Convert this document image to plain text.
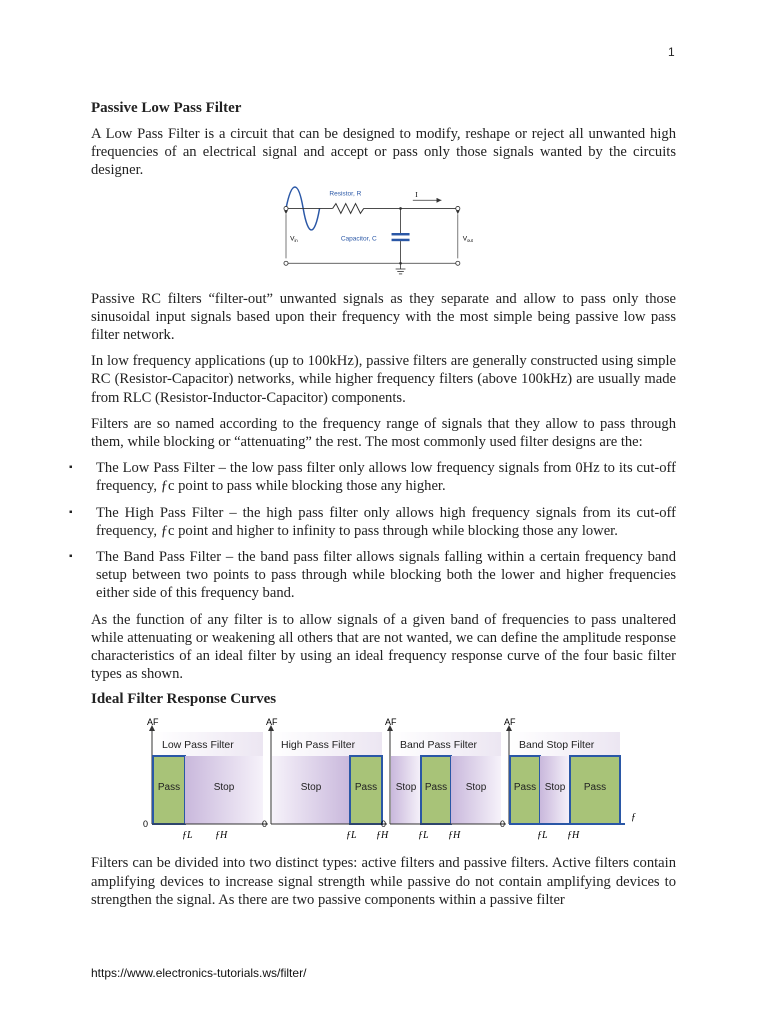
1
Passive Low Pass Filter

A Low Pass Filter is a circuit that can be designed to modify, reshape or reject all unwanted high frequencies of an electrical signal and accept or pass only those signals wanted by the circuits designer.

I
Resistor, R
Capacitor, C
$V_{in}$	$V_{out}$

Passive RC filters “filter-out” unwanted signals as they separate and allow to pass only those sinusoidal input signals based upon their frequency with the most simple being passive low pass filter network.

In low frequency applications (up to 100kHz), passive filters are generally constructed using simple RC (Resistor-Capacitor) networks, while higher frequency filters (above 100kHz) are usually made from RLC (Resistor-Inductor-Capacitor) components.

Filters are so named according to the frequency range of signals that they allow to pass through them, while blocking or “attenuating” the rest. The most commonly used filter designs are the:

▪ The Low Pass Filter – the low pass filter only allows low frequency signals from 0Hz to its cut-off frequency, ƒc point to pass while blocking those any higher.
▪ The High Pass Filter – the high pass filter only allows high frequency signals from its cut-off frequency, ƒc point and higher to infinity to pass through while blocking those any lower.
▪ The Band Pass Filter – the band pass filter allows signals falling within a certain frequency band setup between two points to pass through while blocking both the lower and higher frequencies either side of this frequency band.

As the function of any filter is to allow signals of a given band of frequencies to pass unaltered while attenuating or weakening all others that are not wanted, we can define the amplitude response characteristics of an ideal filter by using an ideal frequency response curve of the four basic filter types as shown.

Ideal Filter Response Curves
AF
0
Low Pass Filter
Pass	Stop
ƒL ƒH
AF
0
High Pass Filter
Stop	Pass
ƒL ƒH
AF
0
Band Pass Filter
Stop Pass Stop
ƒL ƒH
AF
0
Band Stop Filter
Pass Stop Pass
ƒL ƒH
ƒ

Filters can be divided into two distinct types: active filters and passive filters. Active filters contain amplifying devices to increase signal strength while passive do not contain amplifying devices to strengthen the signal. As there are two passive components within a passive filter

https://www.electronics-tutorials.ws/filter/
